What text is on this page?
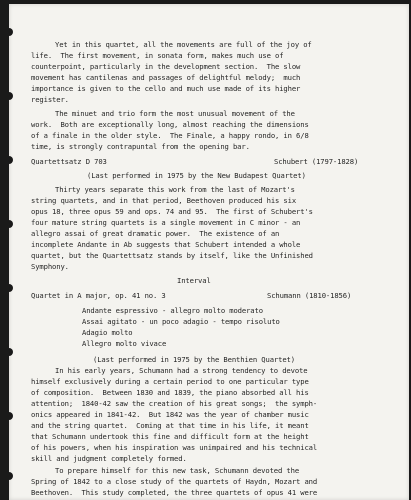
Yet in this quartet, all the movements are full of the joy of
life.  The first movement, in sonata form, makes much use of
counterpoint, particularly in the development section.  The slow
movement has cantilenas and passages of delightful melody;  much
importance is given to the cello and much use made of its higher
register.
The minuet and trio form the most unusual movement of the
work.  Both are exceptionally long, almost reaching the dimensions
of a finale in the older style.  The Finale, a happy rondo, in 6/8
time, is strongly contrapuntal from the opening bar.
Quartettsatz D 703	Schubert (1797-1828)
(Last performed in 1975 by the New Budapest Quartet)
Thirty years separate this work from the last of Mozart's
string quartets, and in that period, Beethoven produced his six
opus 18, three opus 59 and ops. 74 and 95.  The first of Schubert's
four mature string quartets is a single movement in C minor - an
allegro assai of great dramatic power.  The existence of an
incomplete Andante in Ab suggests that Schubert intended a whole
quartet, but the Quartettsatz stands by itself, like the Unfinished
Symphony.
Interval
Quartet in A major, op. 41 no. 3	Schumann (1810-1856)
Andante espressivo - allegro molto moderato
Assai agitato - un poco adagio - tempo risoluto
Adagio molto
Allegro molto vivace
(Last performed in 1975 by the Benthien Quartet)
In his early years, Schumann had a strong tendency to devote
himself exclusively during a certain period to one particular type
of composition.  Between 1830 and 1839, the piano absorbed all his
attention;  1840-42 saw the creation of his great songs;  the symph-
onics appeared in 1841-42.  But 1842 was the year of chamber music
and the string quartet.  Coming at that time in his life, it meant
that Schumann undertook this fine and difficult form at the height
of his powers, when his inspiration was unimpaired and his technical
skill and judgment completely formed.
To prepare himself for this new task, Schumann devoted the
Spring of 1842 to a close study of the quartets of Haydn, Mozart and
Beethoven.  This study completed, the three quartets of opus 41 were
